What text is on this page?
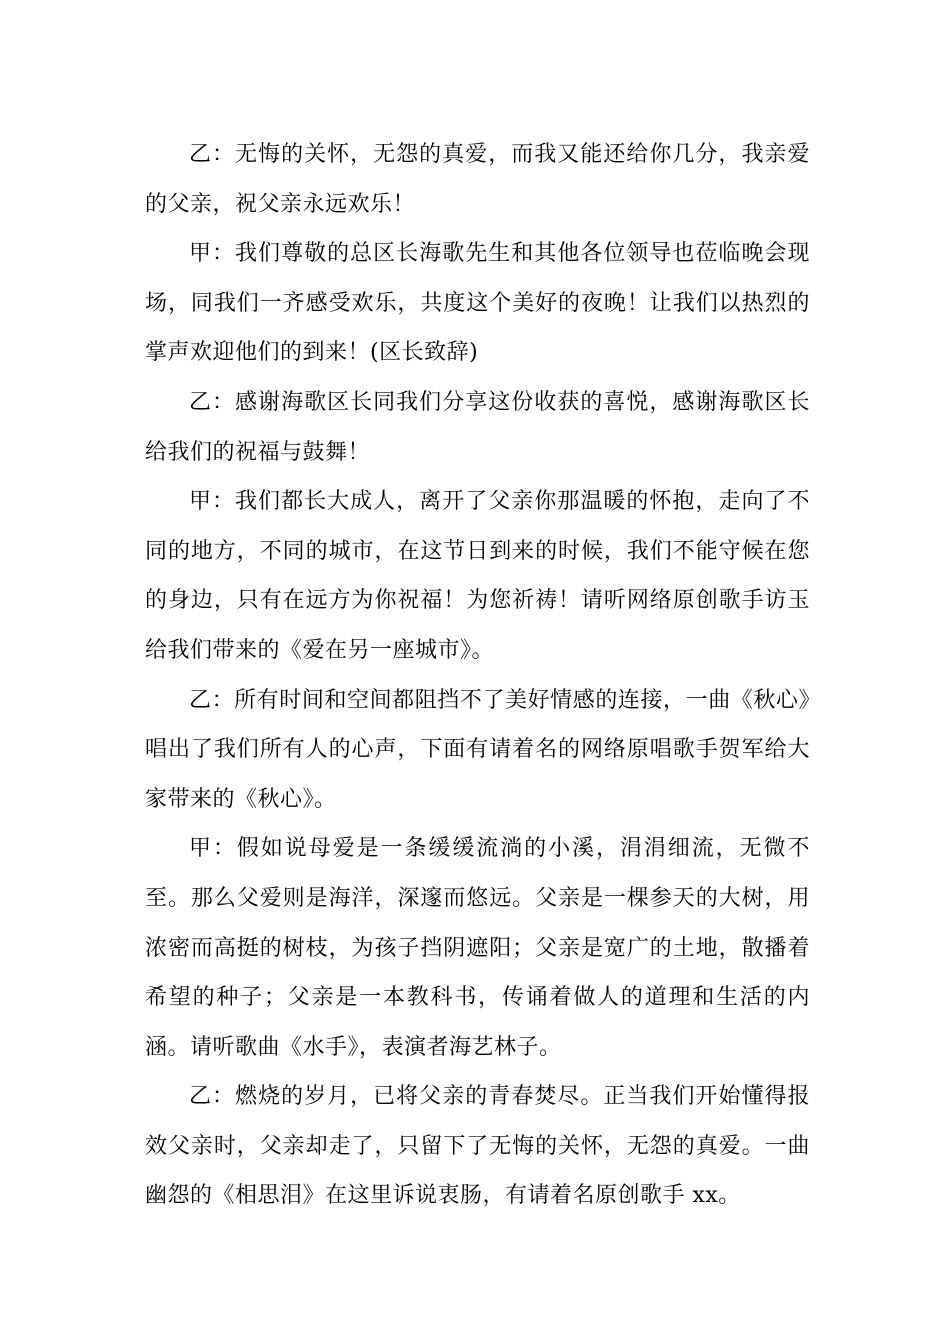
乙：无悔的关怀，无怨的真爱，而我又能还给你几分，我亲爱的父亲，祝父亲永远欢乐！

甲：我们尊敬的总区长海歌先生和其他各位领导也莅临晚会现场，同我们一齐感受欢乐，共度这个美好的夜晚！让我们以热烈的掌声欢迎他们的到来！(区长致辞)

乙：感谢海歌区长同我们分享这份收获的喜悦，感谢海歌区长给我们的祝福与鼓舞！

甲：我们都长大成人，离开了父亲你那温暖的怀抱，走向了不同的地方，不同的城市，在这节日到来的时候，我们不能守候在您的身边，只有在远方为你祝福！为您祈祷！请听网络原创歌手访玉给我们带来的《爱在另一座城市》。

乙：所有时间和空间都阻挡不了美好情感的连接，一曲《秋心》唱出了我们所有人的心声，下面有请着名的网络原唱歌手贺军给大家带来的《秋心》。

甲：假如说母爱是一条缓缓流淌的小溪，涓涓细流，无微不至。那么父爱则是海洋，深邃而悠远。父亲是一棵参天的大树，用浓密而高挺的树枝，为孩子挡阴遮阳；父亲是宽广的土地，散播着希望的种子；父亲是一本教科书，传诵着做人的道理和生活的内涵。请听歌曲《水手》，表演者海艺林子。

乙：燃烧的岁月，已将父亲的青春焚尽。正当我们开始懂得报效父亲时，父亲却走了，只留下了无悔的关怀，无怨的真爱。一曲幽怨的《相思泪》在这里诉说衷肠，有请着名原创歌手 xx。
